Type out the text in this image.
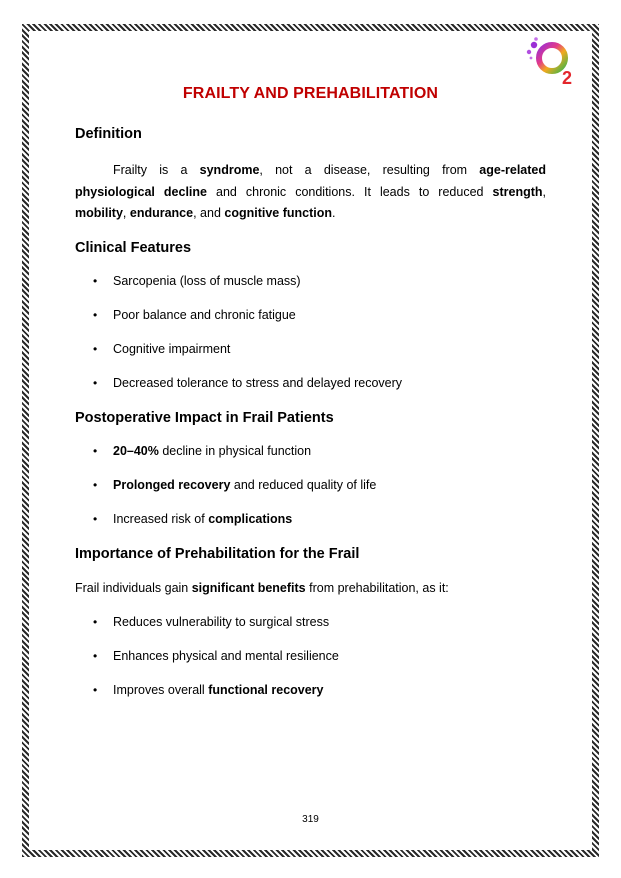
2
FRAILTY AND PREHABILITATION
Definition

Frailty is a syndrome, not a disease, resulting from age-related physiological decline and chronic conditions. It leads to reduced strength, mobility, endurance, and cognitive function.

Clinical Features
• Sarcopenia (loss of muscle mass)
• Poor balance and chronic fatigue
• Cognitive impairment
• Decreased tolerance to stress and delayed recovery
Postoperative Impact in Frail Patients
• 20–40% decline in physical function
• Prolonged recovery and reduced quality of life
• Increased risk of complications
Importance of Prehabilitation for the Frail

Frail individuals gain significant benefits from prehabilitation, as it:

• Reduces vulnerability to surgical stress
• Enhances physical and mental resilience
• Improves overall functional recovery
319
